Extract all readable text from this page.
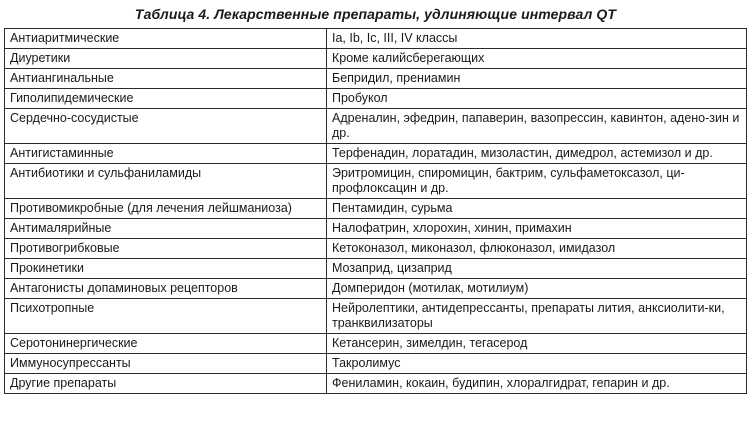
Таблица 4. Лекарственные препараты, удлиняющие интервал QT
Антиаритмические	Ia, Ib, Ic, III, IV классы
Диуретики	Кроме калийсберегающих
Антиангинальные	Бепридил, прениамин
Гиполипидемические	Пробукол
Сердечно-сосудистые	Адреналин, эфедрин, папаверин, вазопрессин, кавинтон, адено-зин и др.
Антигистаминные	Терфенадин, лоратадин, мизоластин, димедрол, астемизол и др.
Антибиотики и сульфаниламиды	Эритромицин, спиромицин, бактрим, сульфаметоксазол, ци-профлоксацин и др.
Противомикробные (для лечения лейшманиоза)	Пентамидин, сурьма
Антималярийные	Налофатрин, хлорохин, хинин, примахин
Противогрибковые	Кетоконазол, миконазол, флюконазол, имидазол
Прокинетики	Мозаприд, цизаприд
Антагонисты допаминовых рецепторов	Домперидон (мотилак, мотилиум)
Психотропные	Нейролептики, антидепрессанты, препараты лития, анксиолити-ки, транквилизаторы
Серотонинергические	Кетансерин, зимелдин, тегасерод
Иммуносупрессанты	Такролимус
Другие препараты	Фениламин, кокаин, будипин, хлоралгидрат, гепарин и др.
